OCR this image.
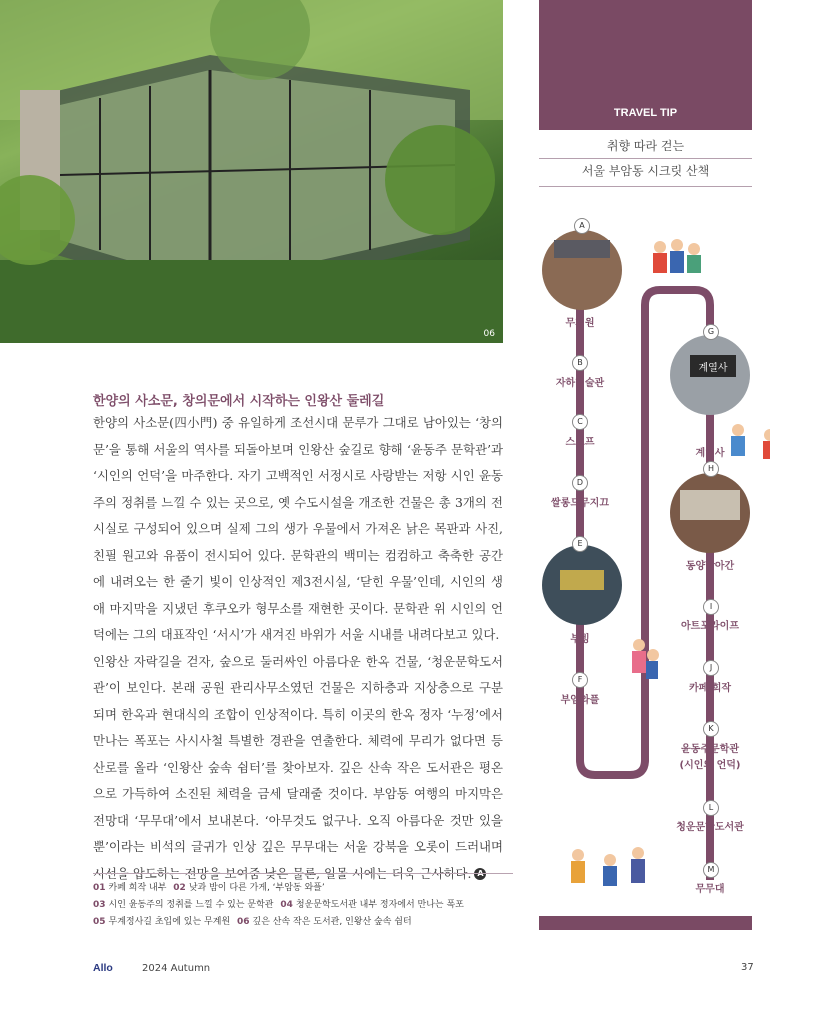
06
한양의 사소문, 창의문에서 시작하는 인왕산 둘레길

한양의 사소문(四小門) 중 유일하게 조선시대 문루가 그대로 남아있는 ‘창의문’을 통해 서울의 역사를 되돌아보며 인왕산 숲길로 향해 ‘윤동주 문학관’과 ‘시인의 언덕’을 마주한다. 자기 고백적인 서정시로 사랑받는 저항 시인 윤동주의 정취를 느낄 수 있는 곳으로, 옛 수도시설을 개조한 건물은 총 3개의 전시실로 구성되어 있으며 실제 그의 생가 우물에서 가져온 낡은 목판과 사진, 친필 원고와 유품이 전시되어 있다. 문학관의 백미는 컴컴하고 축축한 공간에 내려오는 한 줄기 빛이 인상적인 제3전시실, ‘닫힌 우물’인데, 시인의 생애 마지막을 지냈던 후쿠오카 형무소를 재현한 곳이다. 문학관 위 시인의 언덕에는 그의 대표작인 ‘서시’가 새겨진 바위가 서울 시내를 내려다보고 있다.

인왕산 자락길을 걷자, 숲으로 둘러싸인 아름다운 한옥 건물, ‘청운문학도서관’이 보인다. 본래 공원 관리사무소였던 건물은 지하층과 지상층으로 구분되며 한옥과 현대식의 조합이 인상적이다. 특히 이곳의 한옥 정자 ‘누정’에서 만나는 폭포는 사시사철 특별한 경관을 연출한다. 체력에 무리가 없다면 등산로를 올라 ‘인왕산 숲속 쉼터’를 찾아보자. 깊은 산속 작은 도서관은 평온으로 가득하여 소진된 체력을 금세 달래줄 것이다. 부암동 여행의 마지막은 전망대 ‘무무대’에서 보내본다. ‘아무것도 없구나. 오직 아름다운 것만 있을 뿐’이라는 비석의 글귀가 인상 깊은 무무대는 서울 강북을 오롯이 드러내며 시선을 압도하는 전망을 보여줌 낮은 물론, 일몰 시에는 더욱 근사하다. A

01 카페 희작 내부 02 낮과 밤이 다른 가게, ‘부암동 와플’
03 시인 윤동주의 정취를 느낄 수 있는 문학관 04 청운문학도서관 내부 정자에서 만나는 폭포
05 무계정사길 초입에 있는 무계원 06 깊은 산속 작은 도서관, 인왕산 숲속 쉼터
Allo	2024 Autumn	37
TRAVEL TIP
취향 따라 걷는
서울 부암동 시크릿 산책
계열사
A
무계원
B
자하미술관
C
스코프
D
쌀롱드무지끄
E
부빙
F
부암와플
G
계열사
H
동양방아간
I
아트포라이프
J
카페 희작
K
윤동주문학관
(시인의 언덕)
L
청운문학도서관
M
무무대
